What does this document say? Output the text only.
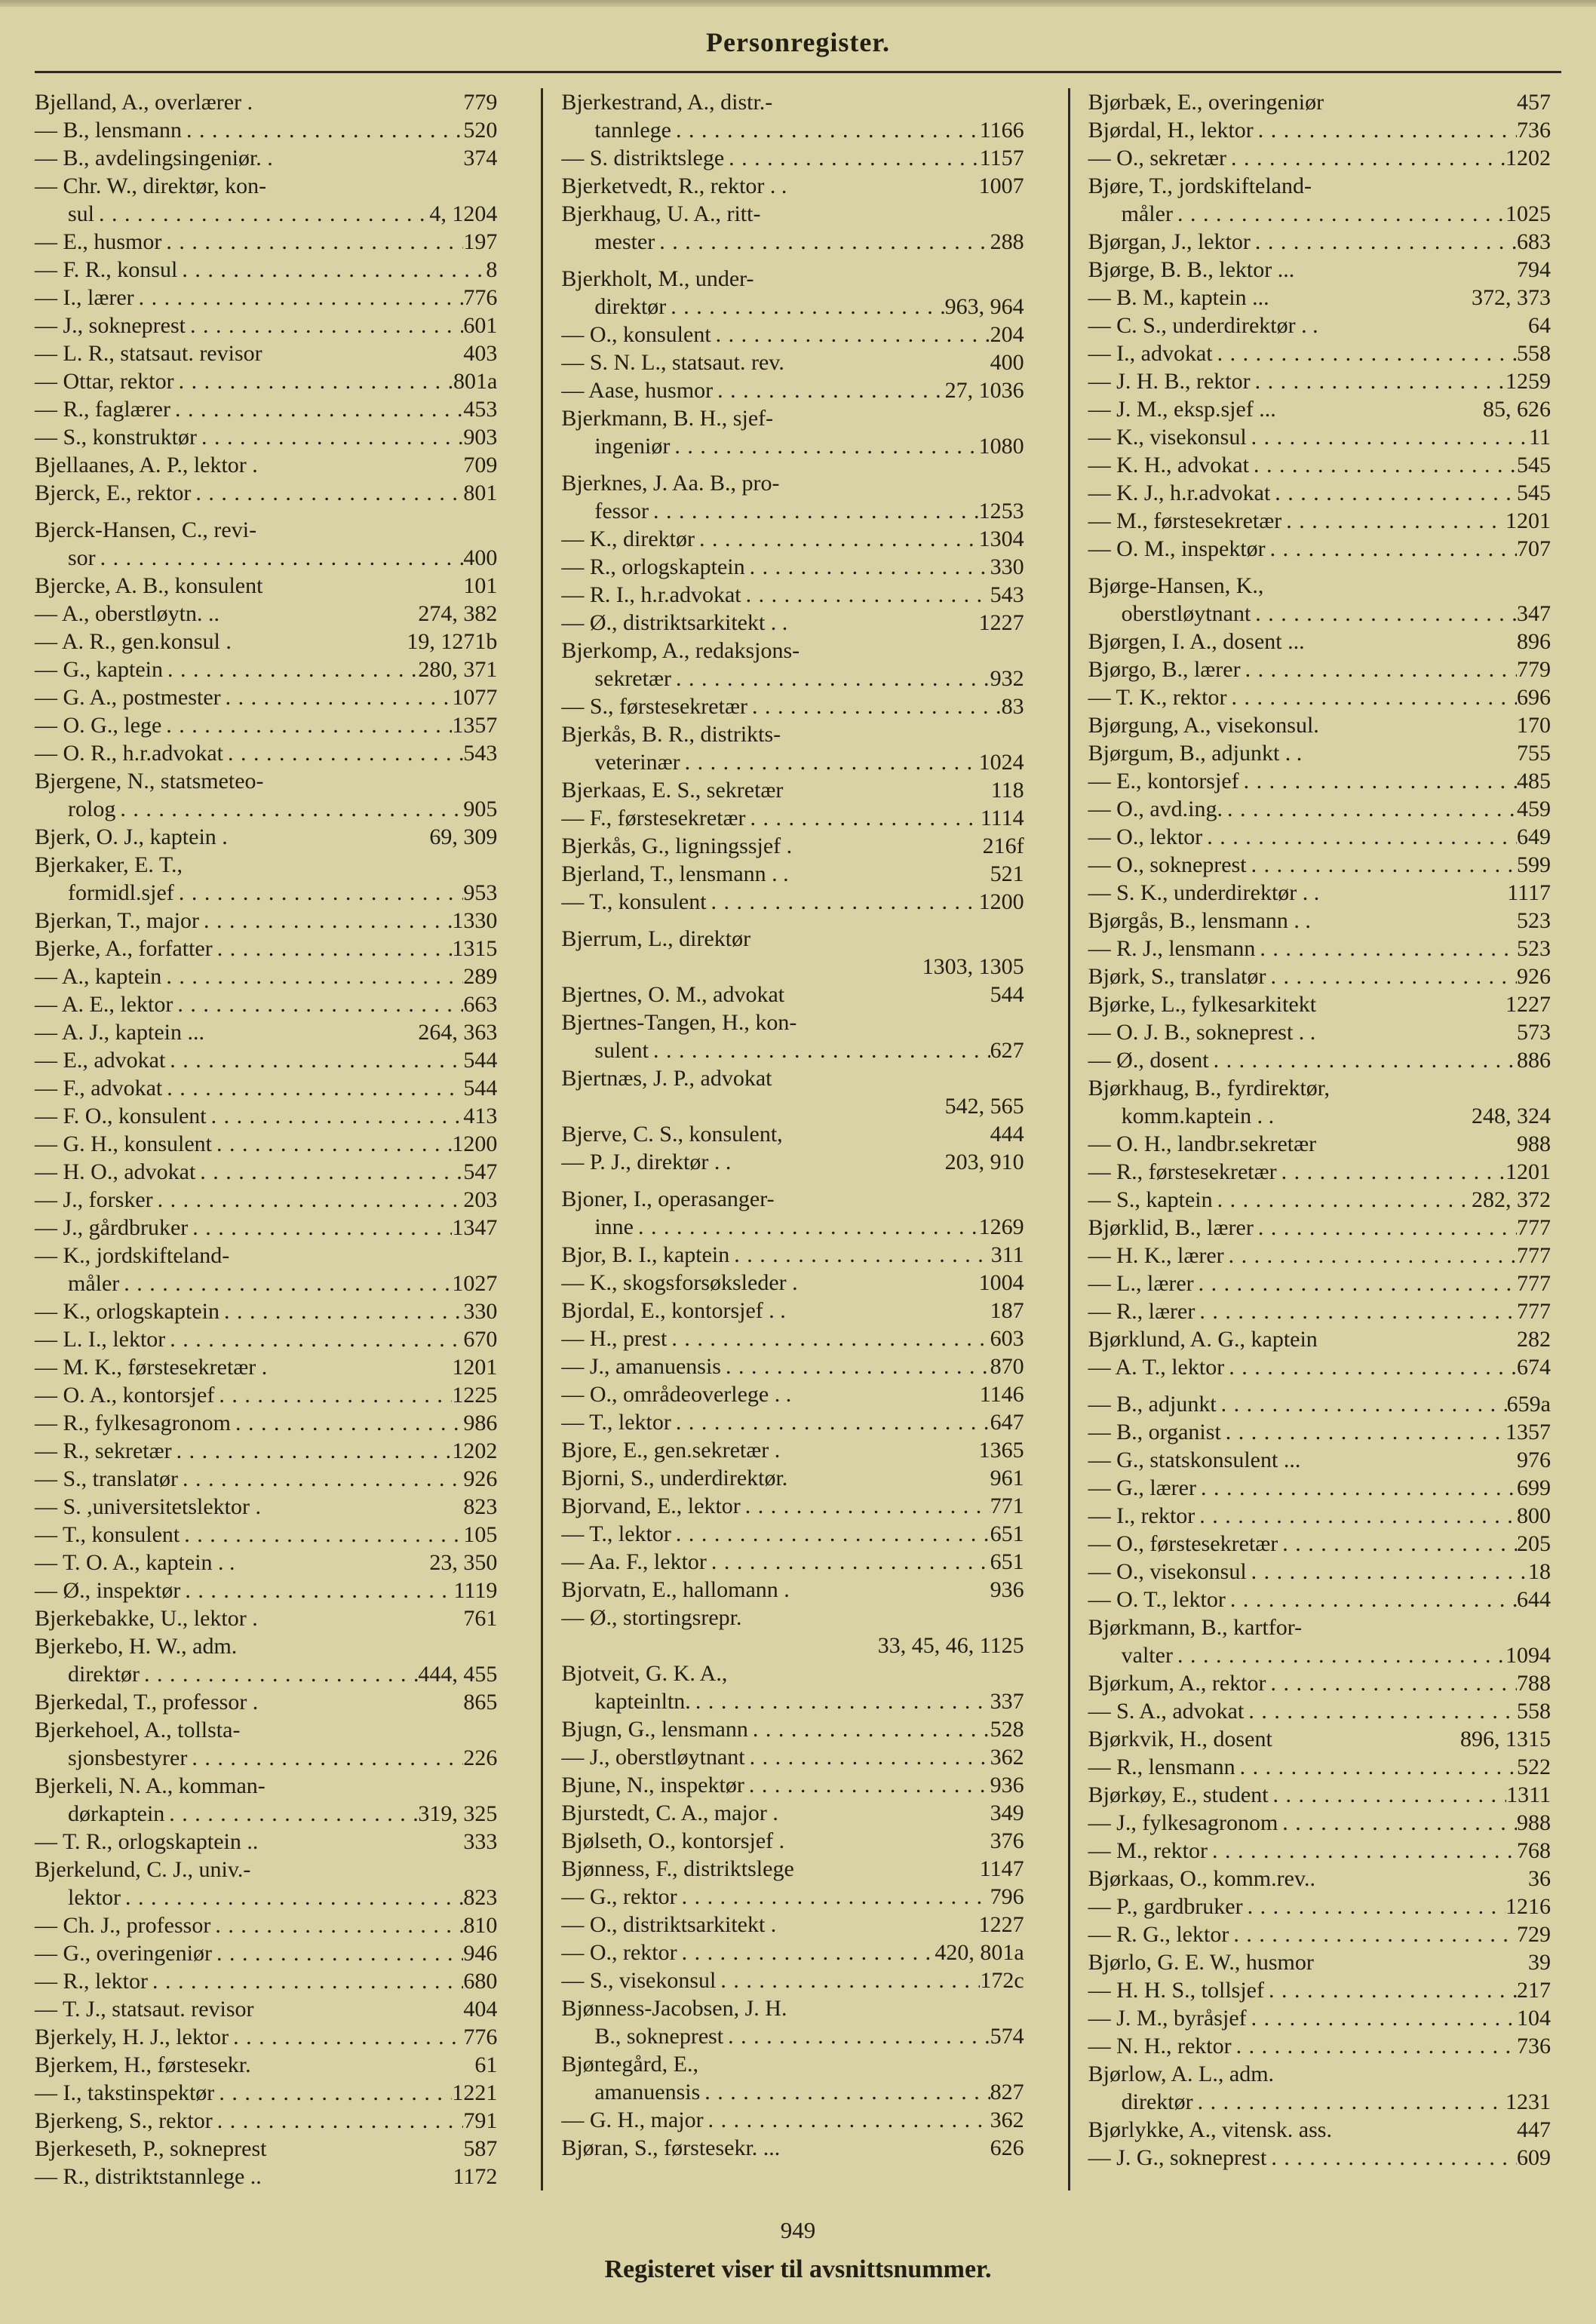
Personregister.
Bjelland, A., overlærer .	779
— B., lensmann . . .	520
— B., avdelingsingeniør. .	374
— Chr. W., direktør, kon-
sul . . .	4, 1204
— E., husmor . . .	197
— F. R., konsul . . .	8
— I., lærer . . .	776
— J., sokneprest . . .	601
— L. R., statsaut. revisor	403
— Ottar, rektor . . .	801a
— R., faglærer . . .	453
— S., konstruktør . . .	903
Bjellaanes, A. P., lektor .	709
Bjerck, E., rektor . . .	801
Bjerck-Hansen, C., revi-
sor . . .	400
Bjercke, A. B., konsulent	101
— A., oberstløytn. ..	274, 382
— A. R., gen.konsul .	19, 1271b
— G., kaptein . . .	280, 371
— G. A., postmester . . .	1077
— O. G., lege . . .	1357
— O. R., h.r.advokat . . .	543
Bjergene, N., statsmeteo-
rolog . . .	905
Bjerk, O. J., kaptein .	69, 309
Bjerkaker, E. T.,
formidl.sjef . . .	953
Bjerkan, T., major . . .	1330
Bjerke, A., forfatter . . .	1315
— A., kaptein . . .	289
— A. E., lektor . . .	663
— A. J., kaptein ...	264, 363
— E., advokat . . .	544
— F., advokat . . .	544
— F. O., konsulent . . .	413
— G. H., konsulent . . .	1200
— H. O., advokat . . .	547
— J., forsker . . .	203
— J., gårdbruker . . .	1347
— K., jordskifteland-
måler . . .	1027
— K., orlogskaptein . . .	330
— L. I., lektor . . .	670
— M. K., førstesekretær .	1201
— O. A., kontorsjef . . .	1225
— R., fylkesagronom . . .	986
— R., sekretær . . .	1202
— S., translatør . . .	926
— S. ,universitetslektor .	823
— T., konsulent . . .	105
— T. O. A., kaptein . .	23, 350
— Ø., inspektør . . .	1119
Bjerkebakke, U., lektor .	761
Bjerkebo, H. W., adm.
direktør . . .	444, 455
Bjerkedal, T., professor .	865
Bjerkehoel, A., tollsta-
sjonsbestyrer . . .	226
Bjerkeli, N. A., komman-
dørkaptein . . .	319, 325
— T. R., orlogskaptein ..	333
Bjerkelund, C. J., univ.-
lektor . . .	823
— Ch. J., professor . . .	810
— G., overingeniør . . .	946
— R., lektor . . .	680
— T. J., statsaut. revisor	404
Bjerkely, H. J., lektor . . .	776
Bjerkem, H., førstesekr.	61
— I., takstinspektør . . .	1221
Bjerkeng, S., rektor . . .	791
Bjerkeseth, P., sokneprest	587
— R., distriktstannlege ..	1172
Bjerkestrand, A., distr.-
tannlege . . .	1166
— S. distriktslege . . .	1157
Bjerketvedt, R., rektor . .	1007
Bjerkhaug, U. A., ritt-
mester . . .	288
Bjerkholt, M., under-
direktør . . .	963, 964
— O., konsulent . . .	204
— S. N. L., statsaut. rev.	400
— Aase, husmor . . .	27, 1036
Bjerkmann, B. H., sjef-
ingeniør . . .	1080
Bjerknes, J. Aa. B., pro-
fessor . . .	1253
— K., direktør . . .	1304
— R., orlogskaptein . . .	330
— R. I., h.r.advokat . . .	543
— Ø., distriktsarkitekt . .	1227
Bjerkomp, A., redaksjons-
sekretær . . .	932
— S., førstesekretær . . .	83
Bjerkås, B. R., distrikts-
veterinær . . .	1024
Bjerkaas, E. S., sekretær	118
— F., førstesekretær . . .	1114
Bjerkås, G., ligningssjef .	216f
Bjerland, T., lensmann . .	521
— T., konsulent . . .	1200
Bjerrum, L., direktør
1303, 1305
Bjertnes, O. M., advokat	544
Bjertnes-Tangen, H., kon-
sulent . . .	627
Bjertnæs, J. P., advokat
542, 565
Bjerve, C. S., konsulent,	444
— P. J., direktør . .	203, 910
Bjoner, I., operasanger-
inne . . .	1269
Bjor, B. I., kaptein . . .	311
— K., skogsforsøksleder .	1004
Bjordal, E., kontorsjef . .	187
— H., prest . . .	603
— J., amanuensis . . .	870
— O., områdeoverlege . .	1146
— T., lektor . . .	647
Bjore, E., gen.sekretær .	1365
Bjorni, S., underdirektør.	961
Bjorvand, E., lektor . . .	771
— T., lektor . . .	651
— Aa. F., lektor . . .	651
Bjorvatn, E., hallomann .	936
— Ø., stortingsrepr.
33, 45, 46, 1125
Bjotveit, G. K. A.,
kapteinltn. . . .	337
Bjugn, G., lensmann . . .	528
— J., oberstløytnant . . .	362
Bjune, N., inspektør . . .	936
Bjurstedt, C. A., major .	349
Bjølseth, O., kontorsjef .	376
Bjønness, F., distriktslege	1147
— G., rektor . . .	796
— O., distriktsarkitekt .	1227
— O., rektor . . .	420, 801a
— S., visekonsul . . .	172c
Bjønness-Jacobsen, J. H.
B., sokneprest . . .	574
Bjøntegård, E.,
amanuensis . . .	827
— G. H., major . . .	362
Bjøran, S., førstesekr. ...	626
Bjørbæk, E., overingeniør	457
Bjørdal, H., lektor . . .	736
— O., sekretær . . .	1202
Bjøre, T., jordskifteland-
måler . . .	1025
Bjørgan, J., lektor . . .	683
Bjørge, B. B., lektor ...	794
— B. M., kaptein ...	372, 373
— C. S., underdirektør . .	64
— I., advokat . . .	558
— J. H. B., rektor . . .	1259
— J. M., eksp.sjef ...	85, 626
— K., visekonsul . . .	11
— K. H., advokat . . .	545
— K. J., h.r.advokat . . .	545
— M., førstesekretær . . .	1201
— O. M., inspektør . . .	707
Bjørge-Hansen, K.,
oberstløytnant . . .	347
Bjørgen, I. A., dosent ...	896
Bjørgo, B., lærer . . .	779
— T. K., rektor . . .	696
Bjørgung, A., visekonsul.	170
Bjørgum, B., adjunkt . .	755
— E., kontorsjef . . .	485
— O., avd.ing. . . .	459
— O., lektor . . .	649
— O., sokneprest . . .	599
— S. K., underdirektør . .	1117
Bjørgås, B., lensmann . .	523
— R. J., lensmann . . .	523
Bjørk, S., translatør . . .	926
Bjørke, L., fylkesarkitekt	1227
— O. J. B., sokneprest . .	573
— Ø., dosent . . .	886
Bjørkhaug, B., fyrdirektør,
komm.kaptein . .	248, 324
— O. H., landbr.sekretær	988
— R., førstesekretær . . .	1201
— S., kaptein . . .	282, 372
Bjørklid, B., lærer . . .	777
— H. K., lærer . . .	777
— L., lærer . . .	777
— R., lærer . . .	777
Bjørklund, A. G., kaptein	282
— A. T., lektor . . .	674
— B., adjunkt . . .	659a
— B., organist . . .	1357
— G., statskonsulent ...	976
— G., lærer . . .	699
— I., rektor . . .	800
— O., førstesekretær . . .	205
— O., visekonsul . . .	18
— O. T., lektor . . .	644
Bjørkmann, B., kartfor-
valter . . .	1094
Bjørkum, A., rektor . . .	788
— S. A., advokat . . .	558
Bjørkvik, H., dosent	896, 1315
— R., lensmann . . .	522
Bjørkøy, E., student . . .	1311
— J., fylkesagronom . . .	988
— M., rektor . . .	768
Bjørkaas, O., komm.rev..	36
— P., gardbruker . . .	1216
— R. G., lektor . . .	729
Bjørlo, G. E. W., husmor	39
— H. H. S., tollsjef . . .	217
— J. M., byråsjef . . .	104
— N. H., rektor . . .	736
Bjørlow, A. L., adm.
direktør . . .	1231
Bjørlykke, A., vitensk. ass.	447
— J. G., sokneprest . . .	609
949
Registeret viser til avsnittsnummer.
